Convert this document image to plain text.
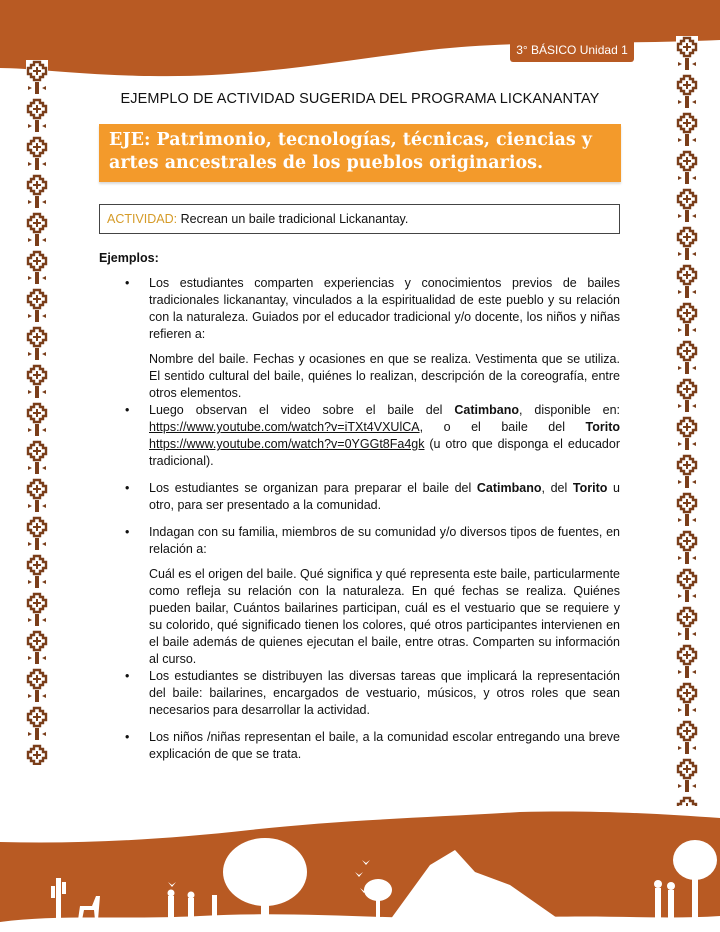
3° BÁSICO Unidad 1
EJEMPLO DE ACTIVIDAD SUGERIDA DEL PROGRAMA LICKANANTAY
EJE: Patrimonio, tecnologías, técnicas, ciencias y artes ancestrales de los pueblos originarios.
ACTIVIDAD: Recrean un baile tradicional Lickanantay.
Ejemplos:
• Los estudiantes comparten experiencias y conocimientos previos de bailes tradicionales lickanantay, vinculados a la espiritualidad de este pueblo y su relación con la naturaleza. Guiados por el educador tradicional y/o docente, los niños y niñas refieren a:

Nombre del baile. Fechas y ocasiones en que se realiza. Vestimenta que se utiliza. El sentido cultural del baile, quiénes lo realizan, descripción de la coreografía, entre otros elementos.

• Luego observan el video sobre el baile del Catimbano, disponible en: https://www.youtube.com/watch?v=iTXt4VXUlCA, o el baile del Torito https://www.youtube.com/watch?v=0YGGt8Fa4gk (u otro que disponga el educador tradicional).

• Los estudiantes se organizan para preparar el baile del Catimbano, del Torito u otro, para ser presentado a la comunidad.

• Indagan con su familia, miembros de su comunidad y/o diversos tipos de fuentes, en relación a:

Cuál es el origen del baile. Qué significa y qué representa este baile, particularmente como refleja su relación con la naturaleza. En qué fechas se realiza. Quiénes pueden bailar, Cuántos bailarines participan, cuál es el vestuario que se requiere y su colorido, qué significado tienen los colores, qué otros participantes intervienen en el baile además de quienes ejecutan el baile, entre otras. Comparten su información al curso.

• Los estudiantes se distribuyen las diversas tareas que implicará la representación del baile: bailarines, encargados de vestuario, músicos, y otros roles que sean necesarios para desarrollar la actividad.

• Los niños /niñas representan el baile, a la comunidad escolar entregando una breve explicación de que se trata.
